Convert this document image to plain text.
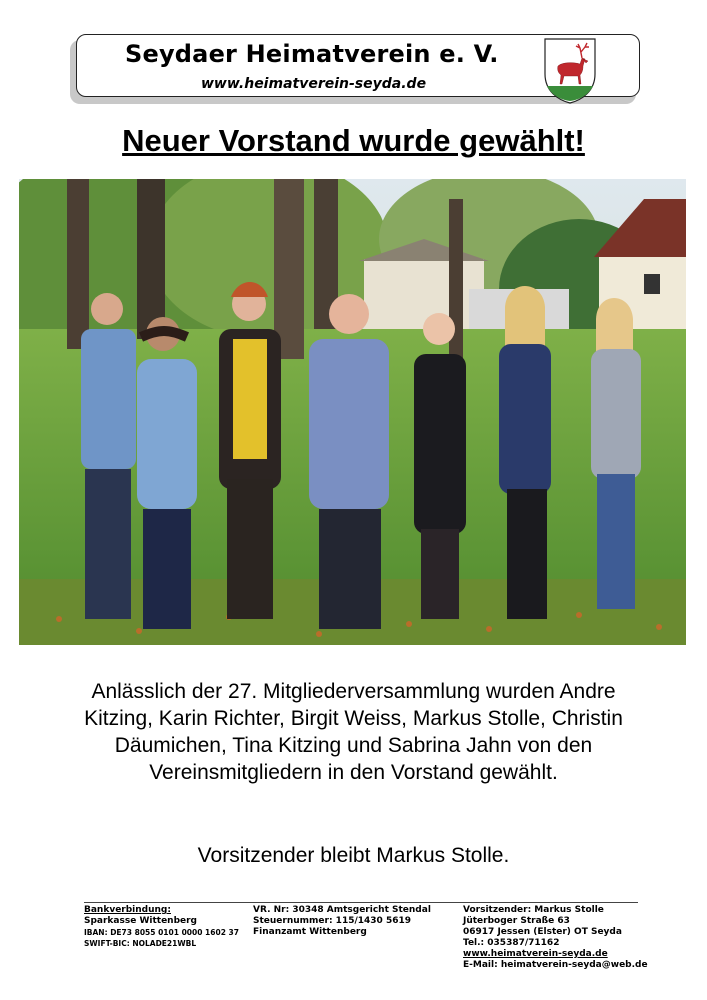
Seydaer Heimatverein e. V.
www.heimatverein-seyda.de
Neuer Vorstand wurde gewählt!
Anlässlich der 27. Mitgliederversammlung wurden Andre Kitzing, Karin Richter, Birgit Weiss, Markus Stolle, Christin Däumichen, Tina Kitzing und Sabrina Jahn von den Vereinsmitgliedern in den Vorstand gewählt.
Vorsitzender bleibt Markus Stolle.
Bankverbindung:
Sparkasse Wittenberg
IBAN: DE73 8055 0101 0000 1602 37
SWIFT-BIC: NOLADE21WBL
VR. Nr: 30348 Amtsgericht Stendal
Steuernummer: 115/1430 5619
Finanzamt Wittenberg
Vorsitzender: Markus Stolle
Jüterboger Straße 63
06917 Jessen (Elster) OT Seyda
Tel.: 035387/71162
www.heimatverein-seyda.de
E-Mail: heimatverein-seyda@web.de
